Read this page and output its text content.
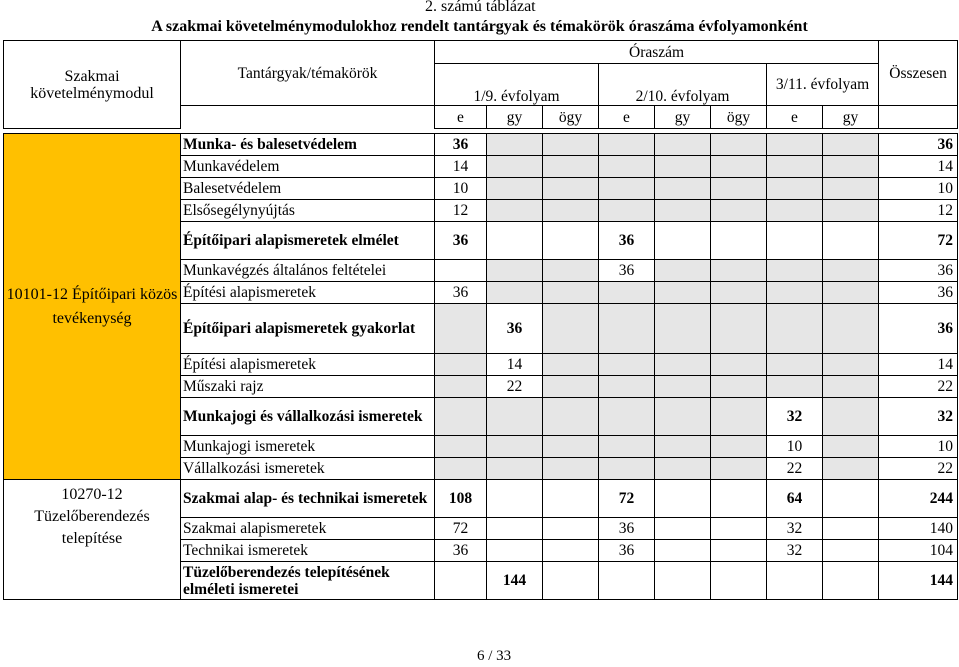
2. számú táblázat
A szakmai követelménymodulokhoz rendelt tantárgyak és témakörök óraszáma évfolyamonként
Szakmai követelménymodul	Tantárgyak/témakörök	Óraszám								Összesen
		1/9. évfolyam			2/10. évfolyam			3/11. évfolyam		
		e	gy	ögy	e	gy	ögy	e	gy	
10101-12 Építőipari közös tevékenység	Munka- és balesetvédelem	36								36
	Munkavédelem	14								14
	Balesetvédelem	10								10
	Elsősegélynyújtás	12								12
	Építőipari alapismeretek elmélet	36			36					72
	Munkavégzés általános feltételei				36					36
	Építési alapismeretek	36								36
	Építőipari alapismeretek gyakorlat		36							36
	Építési alapismeretek		14							14
	Műszaki rajz		22							22
	Munkajogi és vállalkozási ismeretek							32		32
	Munkajogi ismeretek							10		10
	Vállalkozási ismeretek							22		22
10270-12 Tüzelőberendezés telepítése	Szakmai alap- és technikai ismeretek	108			72			64		244
	Szakmai alapismeretek	72			36			32		140
	Technikai ismeretek	36			36			32		104
	Tüzelőberendezés telepítésének elméleti ismeretei		144							144
6 / 33
